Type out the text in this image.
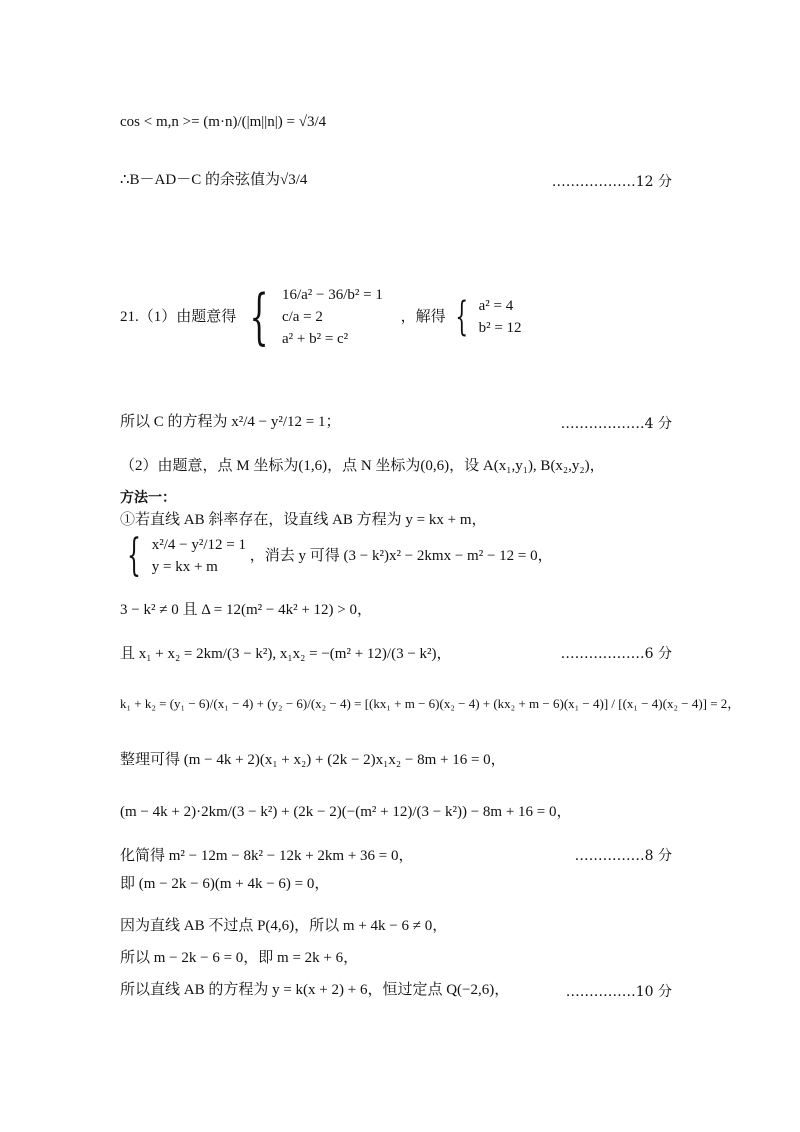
cos < m,n >= (m·n)/(|m||n|) = √3/4
∴B－AD－C 的余弦值为√3/4	………………12 分
21.（1）由题意得 { 16/a² − 36/b² = 1
c/a = 2
a² + b² = c²
，解得 { a² = 4
b² = 12
所以 C 的方程为 x²/4 − y²/12 = 1；	………………4 分
（2）由题意，点 M 坐标为(1,6)，点 N 坐标为(0,6)，设 A(x₁,y₁), B(x₂,y₂)，
方法一：
①若直线 AB 斜率存在，设直线 AB 方程为 y = kx + m，
{ x²/4 − y²/12 = 1
y = kx + m
，消去 y 可得 (3 − k²)x² − 2kmx − m² − 12 = 0，
3 − k² ≠ 0 且 Δ = 12(m² − 4k² + 12) > 0，
且 x₁ + x₂ = 2km/(3 − k²), x₁x₂ = −(m² + 12)/(3 − k²)，	………………6 分
k₁ + k₂ = (y₁ − 6)/(x₁ − 4) + (y₂ − 6)/(x₂ − 4) = [(kx₁ + m − 6)(x₂ − 4) + (kx₂ + m − 6)(x₁ − 4)] / [(x₁ − 4)(x₂ − 4)] = 2，
整理可得 (m − 4k + 2)(x₁ + x₂) + (2k − 2)x₁x₂ − 8m + 16 = 0，
(m − 4k + 2)·2km/(3 − k²) + (2k − 2)(−(m² + 12)/(3 − k²)) − 8m + 16 = 0，
化简得 m² − 12m − 8k² − 12k + 2km + 36 = 0，	……………8 分
即 (m − 2k − 6)(m + 4k − 6) = 0，
因为直线 AB 不过点 P(4,6)，所以 m + 4k − 6 ≠ 0，
所以 m − 2k − 6 = 0，即 m = 2k + 6，
所以直线 AB 的方程为 y = k(x + 2) + 6，恒过定点 Q(−2,6)，	……………10 分
